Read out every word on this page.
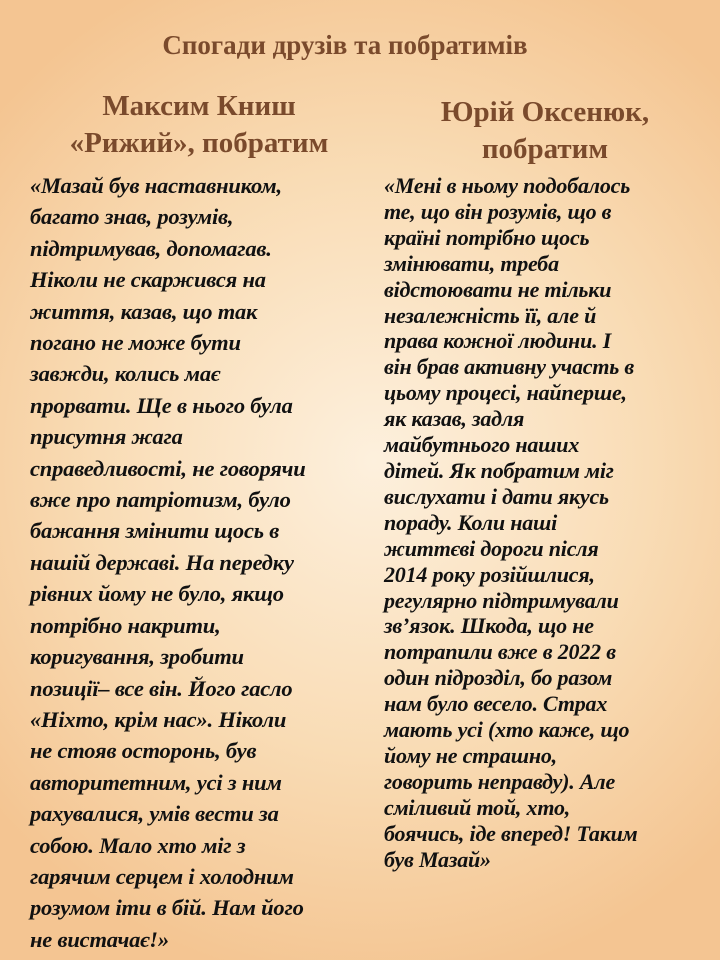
Спогади друзів та побратимів
Максим Книш
«Рижий», побратим
Юрій Оксенюк,
побратим
«Мазай був наставником,
багато знав, розумів,
підтримував, допомагав.
Ніколи не скаржився на
життя, казав, що так
погано не може бути
завжди, колись має
прорвати. Ще в нього була
присутня жага
справедливості, не говорячи
вже про патріотизм, було
бажання змінити щось в
нашій державі. На передку
рівних йому не було, якщо
потрібно накрити,
коригування, зробити
позиції– все він. Його гасло
«Ніхто, крім нас». Ніколи
не стояв осторонь, був
авторитетним, усі з ним
рахувалися, умів вести за
собою. Мало хто міг з
гарячим серцем і холодним
розумом іти в бій. Нам його
не вистачає!»
«Мені в ньому подобалось
те, що він розумів, що в
країні потрібно щось
змінювати, треба
відстоювати не тільки
незалежність її, але й
права кожної людини. І
він брав активну участь в
цьому процесі, найперше,
як казав, задля
майбутнього наших
дітей. Як побратим міг
вислухати і дати якусь
пораду. Коли наші
життєві дороги після
2014 року розійшлися,
регулярно підтримували
зв’язок. Шкода, що не
потрапили вже в 2022 в
один підрозділ, бо разом
нам було весело. Страх
мають усі (хто каже, що
йому не страшно,
говорить неправду). Але
сміливий той, хто,
боячись, іде вперед! Таким
був Мазай»
